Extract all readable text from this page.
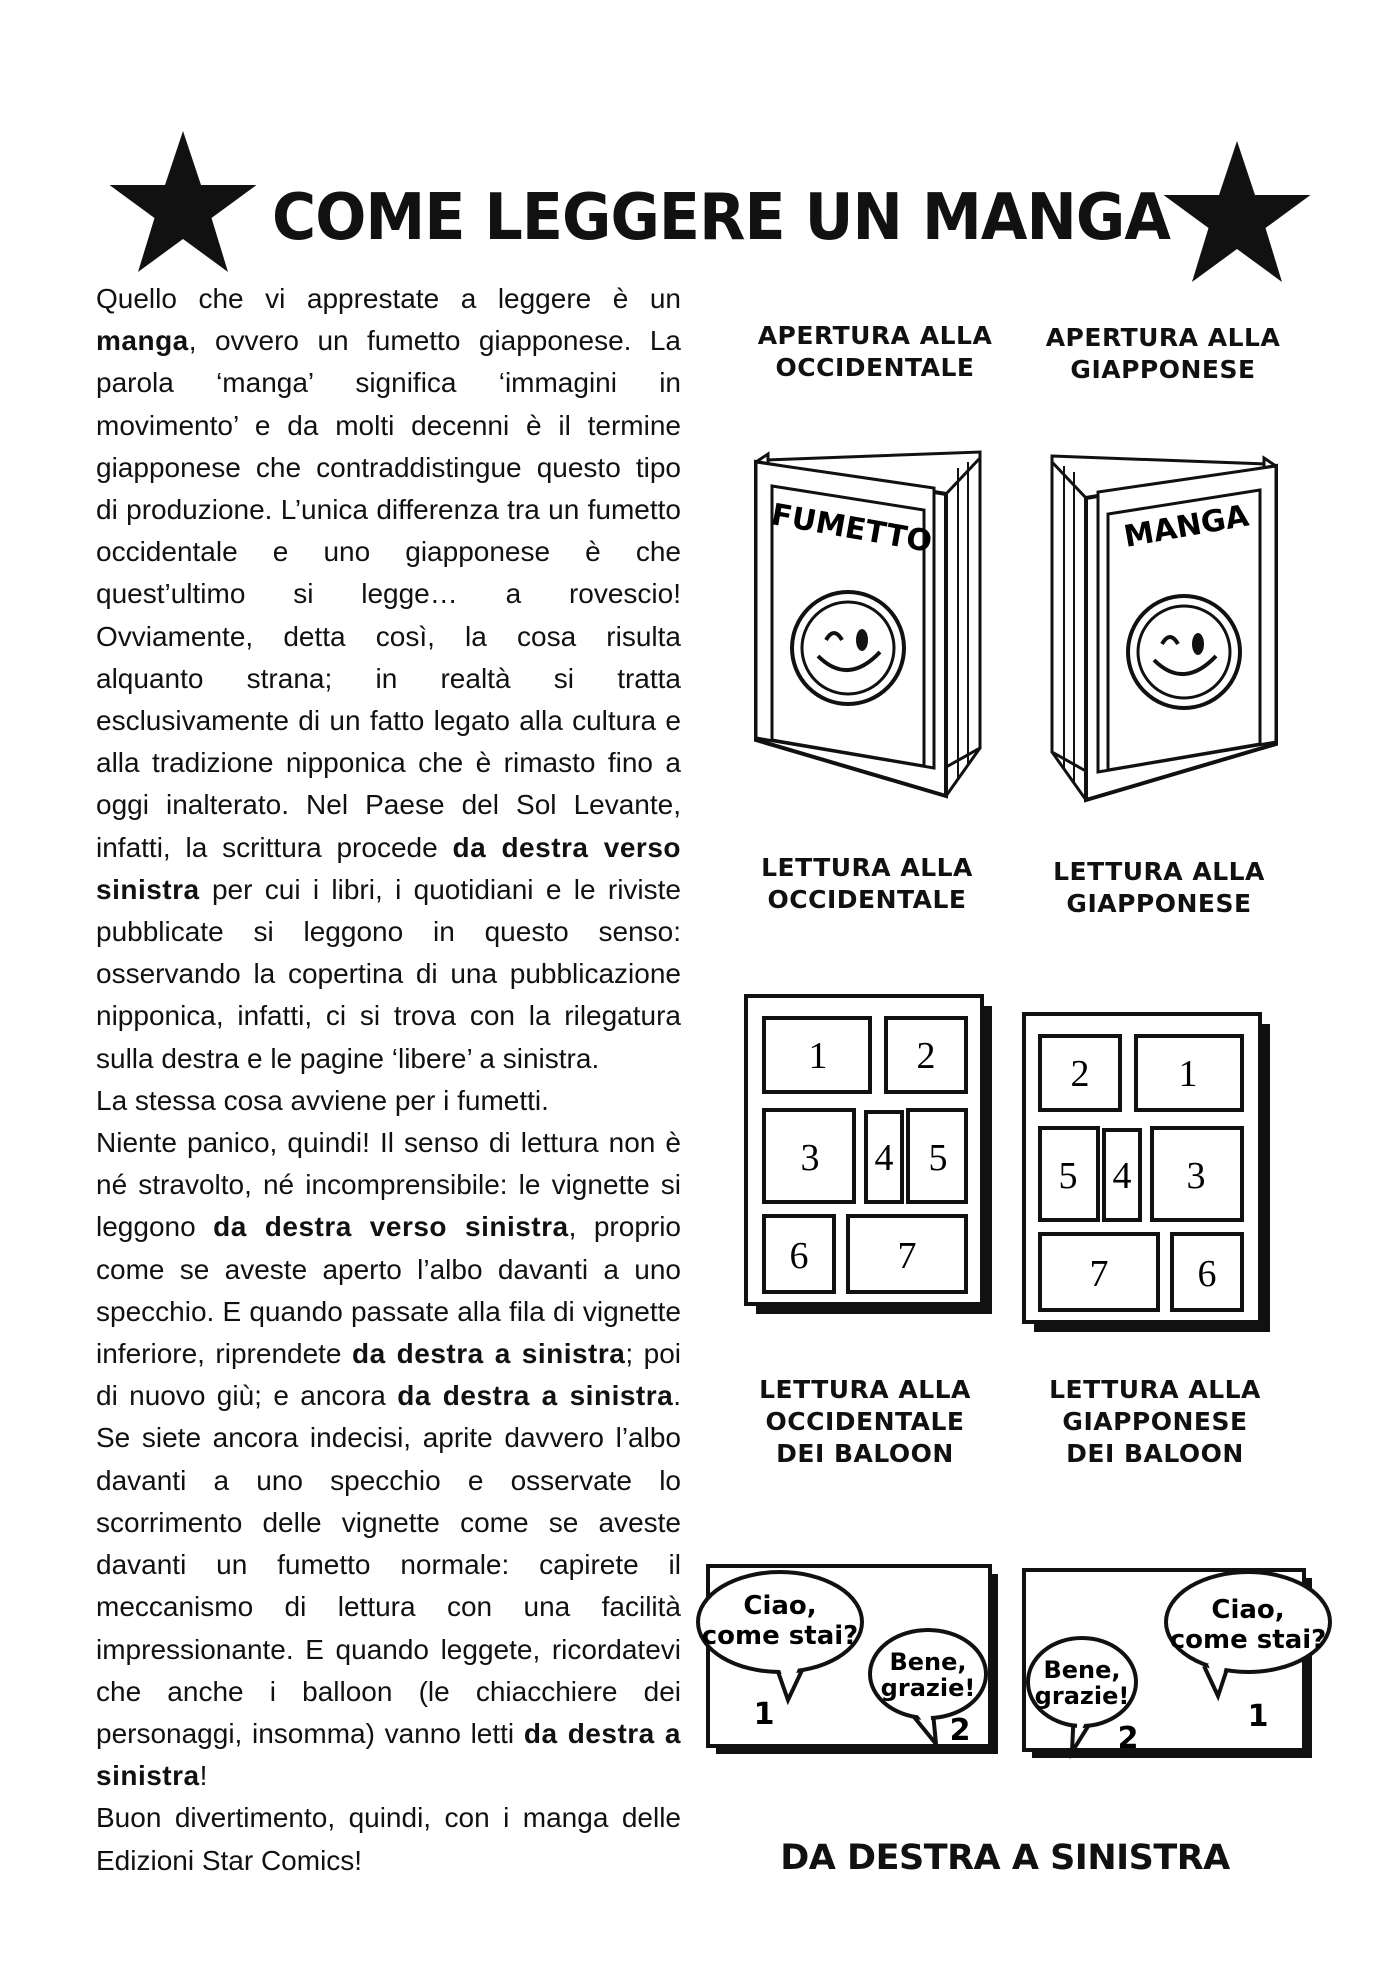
COME LEGGERE UN MANGA

Quello che vi apprestate a leggere è un manga, ovvero un fumetto giapponese. La parola ‘manga’ significa ‘immagini in movimento’ e da molti decenni è il termine giapponese che contraddistingue questo tipo di produzione. L’unica differenza tra un fumetto occidentale e uno giapponese è che quest’ultimo si legge… a rovescio! Ovviamente, detta così, la cosa risulta alquanto strana; in realtà si tratta esclusivamente di un fatto legato alla cultura e alla tradizione nipponica che è rimasto fino a oggi inalterato. Nel Paese del Sol Levante, infatti, la scrittura procede da destra verso sinistra per cui i libri, i quotidiani e le riviste pubblicate si leggono in questo senso: osservando la copertina di una pubblicazione nipponica, infatti, ci si trova con la rilegatura sulla destra e le pagine ‘libere’ a sinistra.

La stessa cosa avviene per i fumetti.

Niente panico, quindi! Il senso di lettura non è né stravolto, né incomprensibile: le vignette si leggono da destra verso sinistra, proprio come se aveste aperto l’albo davanti a uno specchio. E quando passate alla fila di vignette inferiore, riprendete da destra a sinistra; poi di nuovo giù; e ancora da destra a sinistra. Se siete ancora indecisi, aprite davvero l’albo davanti a uno specchio e osservate lo scorrimento delle vignette come se aveste davanti un fumetto normale: capirete il meccanismo di lettura con una facilità impressionante. E quando leggete, ricordatevi che anche i balloon (le chiacchiere dei personaggi, insomma) vanno letti da destra a sinistra!

Buon divertimento, quindi, con i manga delle Edizioni Star Comics!

APERTURA ALLA
OCCIDENTALE
APERTURA ALLA
GIAPPONESE
FUMETTO	MANGA
LETTURA ALLA
OCCIDENTALE
LETTURA ALLA
GIAPPONESE
1 2
3 4 5
6 7
2 1
5 4 3
7 6
LETTURA ALLA
OCCIDENTALE
DEI BALOON
LETTURA ALLA
GIAPPONESE
DEI BALOON
Ciao,
come stai?
1
Bene,
grazie!
2
Ciao,
come stai?
1
Bene,
grazie!
2
DA DESTRA A SINISTRA
